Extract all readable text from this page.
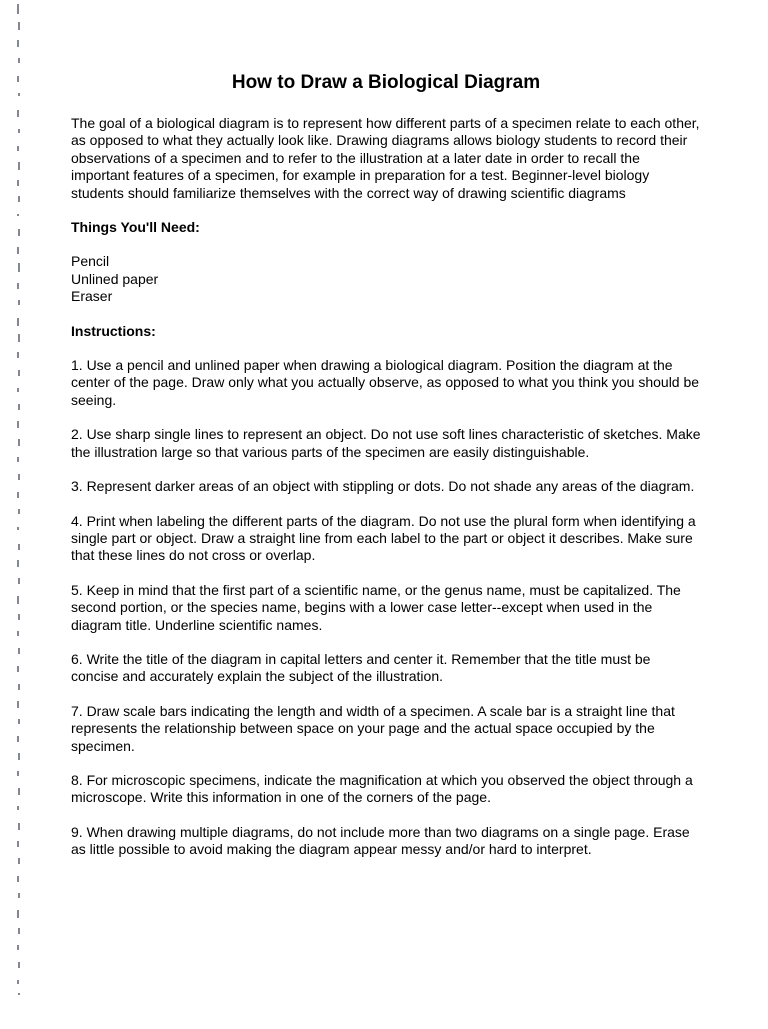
How to Draw a Biological Diagram

The goal of a biological diagram is to represent how different parts of a specimen relate to each other, as opposed to what they actually look like. Drawing diagrams allows biology students to record their observations of a specimen and to refer to the illustration at a later date in order to recall the important features of a specimen, for example in preparation for a test. Beginner-level biology students should familiarize themselves with the correct way of drawing scientific diagrams

Things You'll Need:

Pencil
Unlined paper
Eraser

Instructions:

1. Use a pencil and unlined paper when drawing a biological diagram. Position the diagram at the center of the page. Draw only what you actually observe, as opposed to what you think you should be seeing.

2. Use sharp single lines to represent an object. Do not use soft lines characteristic of sketches. Make the illustration large so that various parts of the specimen are easily distinguishable.

3. Represent darker areas of an object with stippling or dots. Do not shade any areas of the diagram.

4. Print when labeling the different parts of the diagram. Do not use the plural form when identifying a single part or object. Draw a straight line from each label to the part or object it describes. Make sure that these lines do not cross or overlap.

5. Keep in mind that the first part of a scientific name, or the genus name, must be capitalized. The second portion, or the species name, begins with a lower case letter--except when used in the diagram title. Underline scientific names.

6. Write the title of the diagram in capital letters and center it. Remember that the title must be concise and accurately explain the subject of the illustration.

7. Draw scale bars indicating the length and width of a specimen. A scale bar is a straight line that represents the relationship between space on your page and the actual space occupied by the specimen.

8. For microscopic specimens, indicate the magnification at which you observed the object through a microscope. Write this information in one of the corners of the page.

9. When drawing multiple diagrams, do not include more than two diagrams on a single page. Erase as little possible to avoid making the diagram appear messy and/or hard to interpret.
